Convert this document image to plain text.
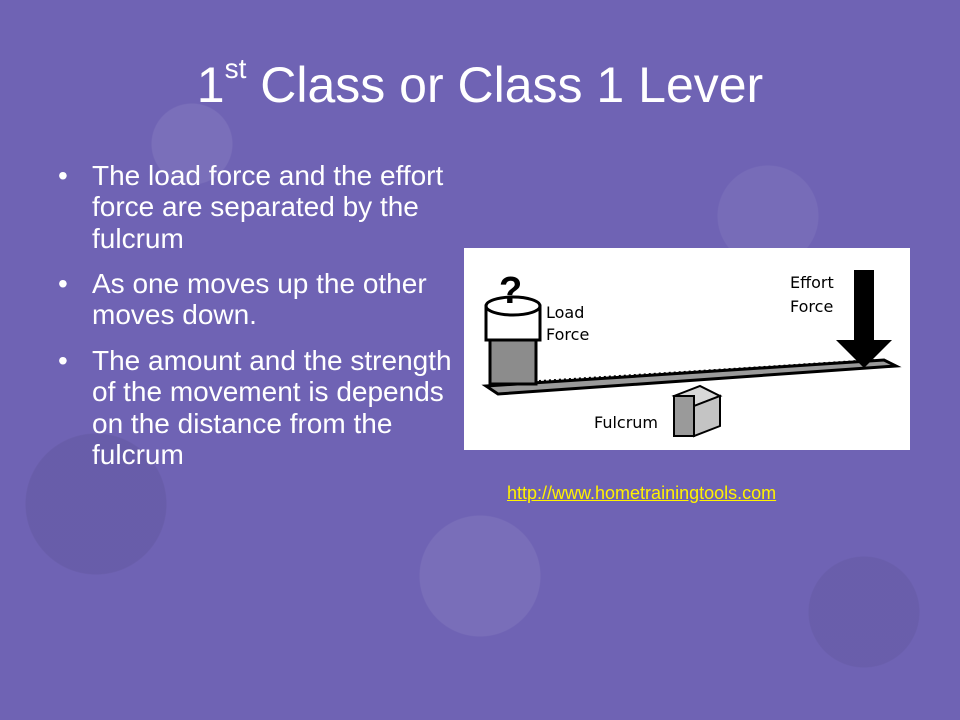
1st Class or Class 1 Lever
• The load force and the effort force are separated by the fulcrum
• As one moves up the other moves down.
• The amount and the strength of the movement is depends on the distance from the fulcrum
?
Load
Force
Effort
Force
Fulcrum
http://www.hometrainingtools.com
